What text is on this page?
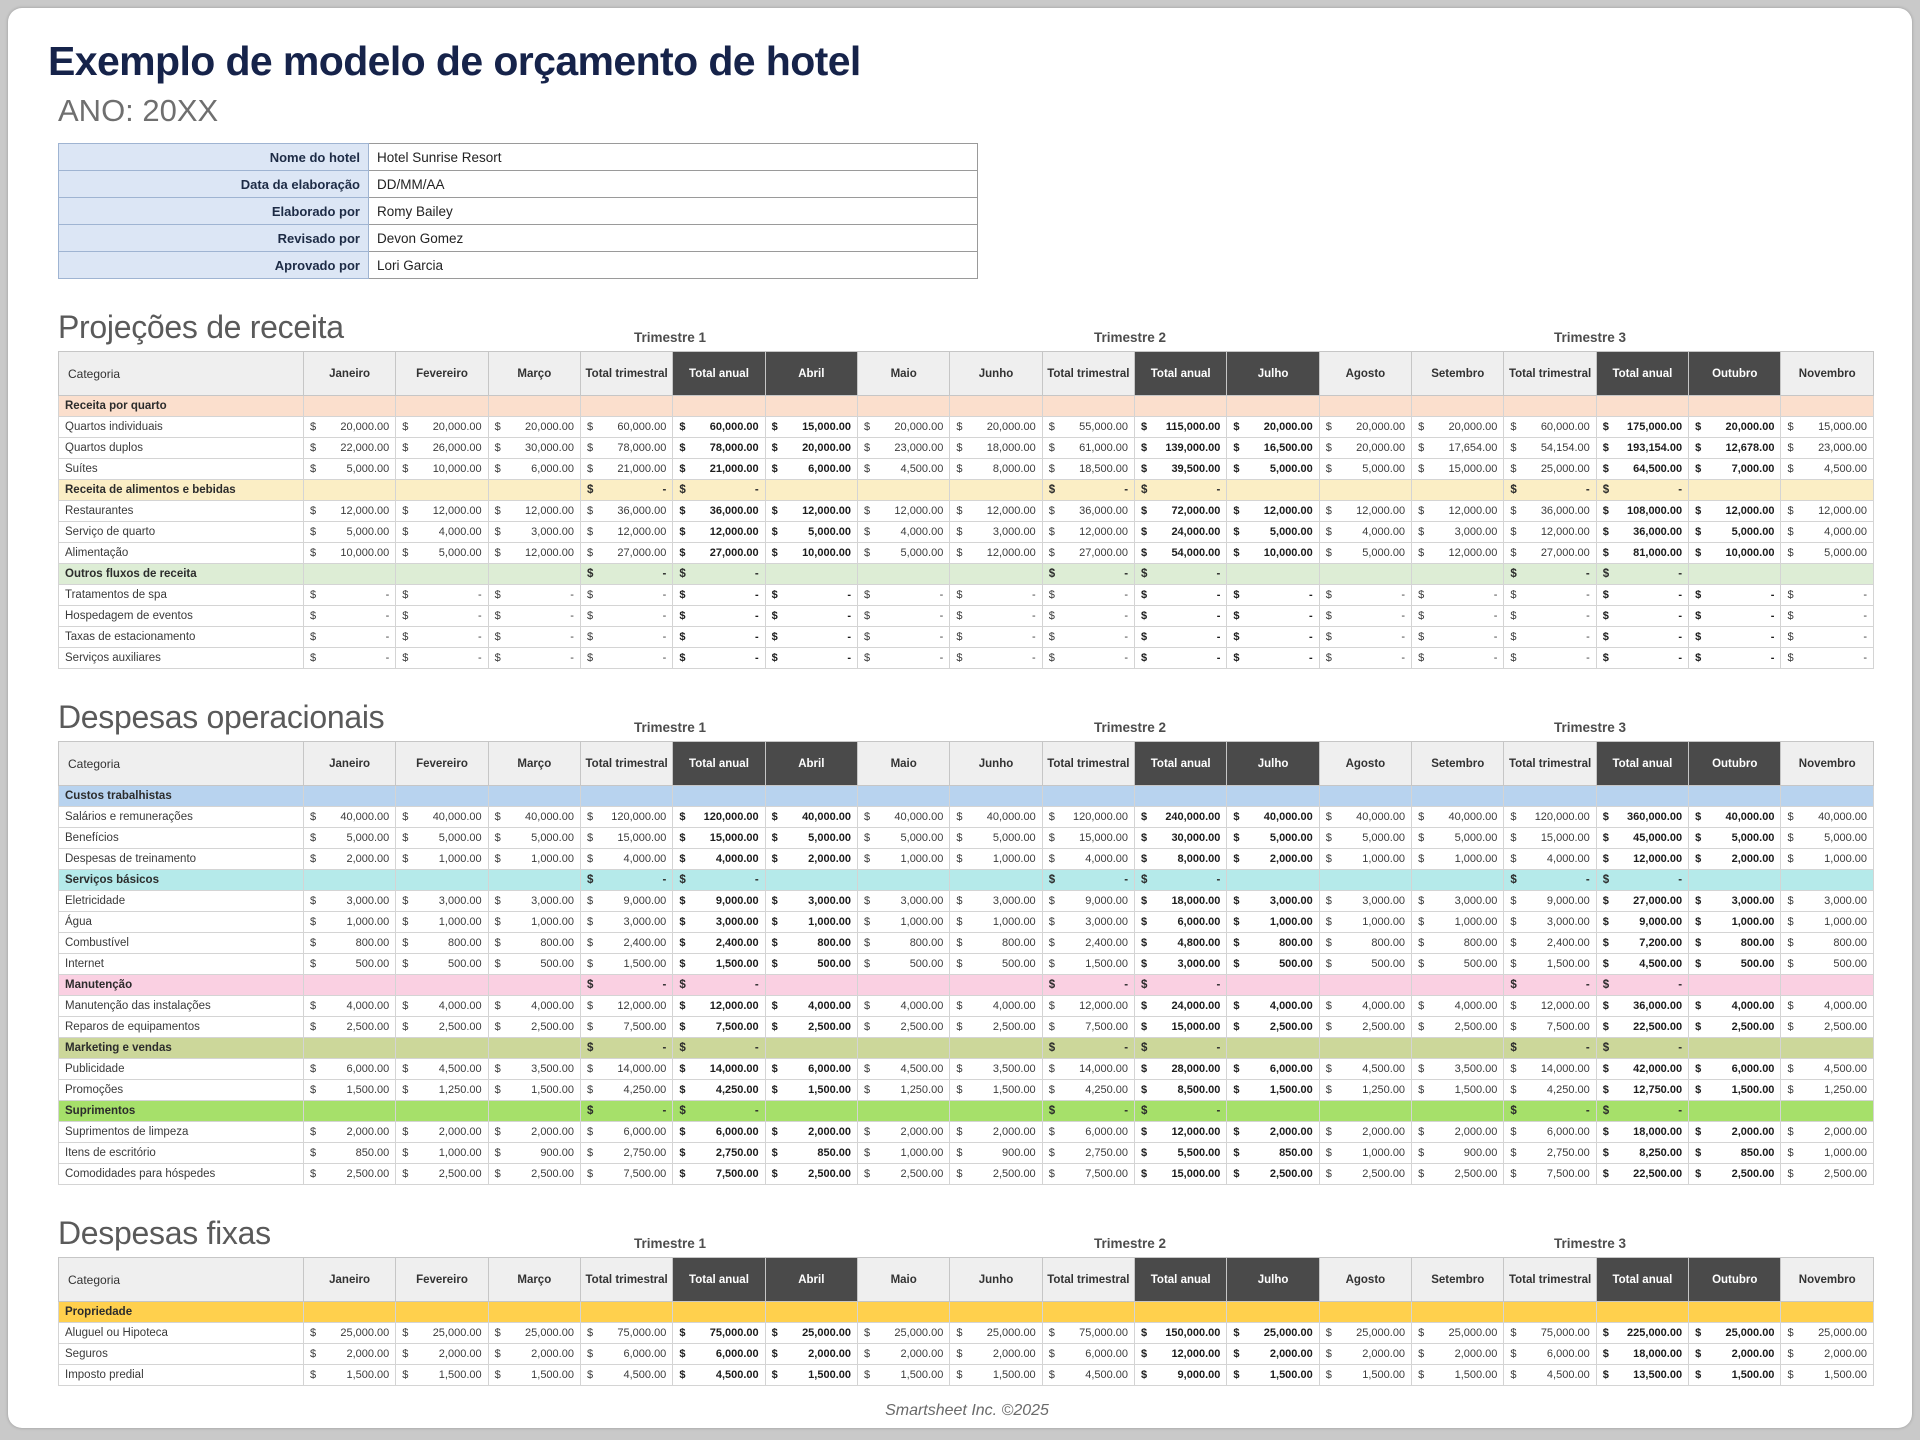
Exemplo de modelo de orçamento de hotel
ANO: 20XX
Nome do hotel	Hotel Sunrise Resort
Data da elaboração	DD/MM/AA
Elaborado por	Romy Bailey
Revisado por	Devon Gomez
Aprovado por	Lori Garcia
Projeções de receita	Trimestre 1	Trimestre 2	Trimestre 3
Categoria	Janeiro	Fevereiro	Março	Total trimestral	Total anual	Abril	Maio	Junho	Total trimestral	Total anual	Julho	Agosto	Setembro	Total trimestral	Total anual	Outubro	Novembro
Receita por quarto																	
Quartos individuais	$ 20,000.00	$ 20,000.00	$ 20,000.00	$ 60,000.00	$ 60,000.00	$ 15,000.00	$ 20,000.00	$ 20,000.00	$ 55,000.00	$ 115,000.00	$ 20,000.00	$ 20,000.00	$ 20,000.00	$ 60,000.00	$ 175,000.00	$ 20,000.00	$ 15,000.00
Quartos duplos	$ 22,000.00	$ 26,000.00	$ 30,000.00	$ 78,000.00	$ 78,000.00	$ 20,000.00	$ 23,000.00	$ 18,000.00	$ 61,000.00	$ 139,000.00	$ 16,500.00	$ 20,000.00	$ 17,654.00	$ 54,154.00	$ 193,154.00	$ 12,678.00	$ 23,000.00
Suítes	$ 5,000.00	$ 10,000.00	$ 6,000.00	$ 21,000.00	$ 21,000.00	$ 6,000.00	$ 4,500.00	$ 8,000.00	$ 18,500.00	$ 39,500.00	$ 5,000.00	$ 5,000.00	$ 15,000.00	$ 25,000.00	$ 64,500.00	$ 7,000.00	$ 4,500.00
Receita de alimentos e bebidas				$ -	$ -				$ -	$ -				$ -	$ -		
Restaurantes	$ 12,000.00	$ 12,000.00	$ 12,000.00	$ 36,000.00	$ 36,000.00	$ 12,000.00	$ 12,000.00	$ 12,000.00	$ 36,000.00	$ 72,000.00	$ 12,000.00	$ 12,000.00	$ 12,000.00	$ 36,000.00	$ 108,000.00	$ 12,000.00	$ 12,000.00
Serviço de quarto	$ 5,000.00	$ 4,000.00	$ 3,000.00	$ 12,000.00	$ 12,000.00	$ 5,000.00	$ 4,000.00	$ 3,000.00	$ 12,000.00	$ 24,000.00	$ 5,000.00	$ 4,000.00	$ 3,000.00	$ 12,000.00	$ 36,000.00	$ 5,000.00	$ 4,000.00
Alimentação	$ 10,000.00	$ 5,000.00	$ 12,000.00	$ 27,000.00	$ 27,000.00	$ 10,000.00	$ 5,000.00	$ 12,000.00	$ 27,000.00	$ 54,000.00	$ 10,000.00	$ 5,000.00	$ 12,000.00	$ 27,000.00	$ 81,000.00	$ 10,000.00	$ 5,000.00
Outros fluxos de receita				$ -	$ -				$ -	$ -				$ -	$ -		
Tratamentos de spa	$ -	$ -	$ -	$ -	$ -	$ -	$ -	$ -	$ -	$ -	$ -	$ -	$ -	$ -	$ -	$ -	$ -
Hospedagem de eventos	$ -	$ -	$ -	$ -	$ -	$ -	$ -	$ -	$ -	$ -	$ -	$ -	$ -	$ -	$ -	$ -	$ -
Taxas de estacionamento	$ -	$ -	$ -	$ -	$ -	$ -	$ -	$ -	$ -	$ -	$ -	$ -	$ -	$ -	$ -	$ -	$ -
Serviços auxiliares	$ -	$ -	$ -	$ -	$ -	$ -	$ -	$ -	$ -	$ -	$ -	$ -	$ -	$ -	$ -	$ -	$ -
Despesas operacionais	Trimestre 1	Trimestre 2	Trimestre 3
Categoria	Janeiro	Fevereiro	Março	Total trimestral	Total anual	Abril	Maio	Junho	Total trimestral	Total anual	Julho	Agosto	Setembro	Total trimestral	Total anual	Outubro	Novembro
Custos trabalhistas																	
Salários e remunerações	$ 40,000.00	$ 40,000.00	$ 40,000.00	$ 120,000.00	$ 120,000.00	$ 40,000.00	$ 40,000.00	$ 40,000.00	$ 120,000.00	$ 240,000.00	$ 40,000.00	$ 40,000.00	$ 40,000.00	$ 120,000.00	$ 360,000.00	$ 40,000.00	$ 40,000.00
Benefícios	$ 5,000.00	$ 5,000.00	$ 5,000.00	$ 15,000.00	$ 15,000.00	$ 5,000.00	$ 5,000.00	$ 5,000.00	$ 15,000.00	$ 30,000.00	$ 5,000.00	$ 5,000.00	$ 5,000.00	$ 15,000.00	$ 45,000.00	$ 5,000.00	$ 5,000.00
Despesas de treinamento	$ 2,000.00	$ 1,000.00	$ 1,000.00	$ 4,000.00	$ 4,000.00	$ 2,000.00	$ 1,000.00	$ 1,000.00	$ 4,000.00	$ 8,000.00	$ 2,000.00	$ 1,000.00	$ 1,000.00	$ 4,000.00	$ 12,000.00	$ 2,000.00	$ 1,000.00
Serviços básicos				$ -	$ -				$ -	$ -				$ -	$ -		
Eletricidade	$ 3,000.00	$ 3,000.00	$ 3,000.00	$ 9,000.00	$ 9,000.00	$ 3,000.00	$ 3,000.00	$ 3,000.00	$ 9,000.00	$ 18,000.00	$ 3,000.00	$ 3,000.00	$ 3,000.00	$ 9,000.00	$ 27,000.00	$ 3,000.00	$ 3,000.00
Água	$ 1,000.00	$ 1,000.00	$ 1,000.00	$ 3,000.00	$ 3,000.00	$ 1,000.00	$ 1,000.00	$ 1,000.00	$ 3,000.00	$ 6,000.00	$ 1,000.00	$ 1,000.00	$ 1,000.00	$ 3,000.00	$ 9,000.00	$ 1,000.00	$ 1,000.00
Combustível	$ 800.00	$ 800.00	$ 800.00	$ 2,400.00	$ 2,400.00	$ 800.00	$ 800.00	$ 800.00	$ 2,400.00	$ 4,800.00	$ 800.00	$ 800.00	$ 800.00	$ 2,400.00	$ 7,200.00	$ 800.00	$ 800.00
Internet	$ 500.00	$ 500.00	$ 500.00	$ 1,500.00	$ 1,500.00	$ 500.00	$ 500.00	$ 500.00	$ 1,500.00	$ 3,000.00	$ 500.00	$ 500.00	$ 500.00	$ 1,500.00	$ 4,500.00	$ 500.00	$ 500.00
Manutenção				$ -	$ -				$ -	$ -				$ -	$ -		
Manutenção das instalações	$ 4,000.00	$ 4,000.00	$ 4,000.00	$ 12,000.00	$ 12,000.00	$ 4,000.00	$ 4,000.00	$ 4,000.00	$ 12,000.00	$ 24,000.00	$ 4,000.00	$ 4,000.00	$ 4,000.00	$ 12,000.00	$ 36,000.00	$ 4,000.00	$ 4,000.00
Reparos de equipamentos	$ 2,500.00	$ 2,500.00	$ 2,500.00	$ 7,500.00	$ 7,500.00	$ 2,500.00	$ 2,500.00	$ 2,500.00	$ 7,500.00	$ 15,000.00	$ 2,500.00	$ 2,500.00	$ 2,500.00	$ 7,500.00	$ 22,500.00	$ 2,500.00	$ 2,500.00
Marketing e vendas				$ -	$ -				$ -	$ -				$ -	$ -		
Publicidade	$ 6,000.00	$ 4,500.00	$ 3,500.00	$ 14,000.00	$ 14,000.00	$ 6,000.00	$ 4,500.00	$ 3,500.00	$ 14,000.00	$ 28,000.00	$ 6,000.00	$ 4,500.00	$ 3,500.00	$ 14,000.00	$ 42,000.00	$ 6,000.00	$ 4,500.00
Promoções	$ 1,500.00	$ 1,250.00	$ 1,500.00	$ 4,250.00	$ 4,250.00	$ 1,500.00	$ 1,250.00	$ 1,500.00	$ 4,250.00	$ 8,500.00	$ 1,500.00	$ 1,250.00	$ 1,500.00	$ 4,250.00	$ 12,750.00	$ 1,500.00	$ 1,250.00
Suprimentos				$ -	$ -				$ -	$ -				$ -	$ -		
Suprimentos de limpeza	$ 2,000.00	$ 2,000.00	$ 2,000.00	$ 6,000.00	$ 6,000.00	$ 2,000.00	$ 2,000.00	$ 2,000.00	$ 6,000.00	$ 12,000.00	$ 2,000.00	$ 2,000.00	$ 2,000.00	$ 6,000.00	$ 18,000.00	$ 2,000.00	$ 2,000.00
Itens de escritório	$ 850.00	$ 1,000.00	$ 900.00	$ 2,750.00	$ 2,750.00	$ 850.00	$ 1,000.00	$ 900.00	$ 2,750.00	$ 5,500.00	$ 850.00	$ 1,000.00	$ 900.00	$ 2,750.00	$ 8,250.00	$ 850.00	$ 1,000.00
Comodidades para hóspedes	$ 2,500.00	$ 2,500.00	$ 2,500.00	$ 7,500.00	$ 7,500.00	$ 2,500.00	$ 2,500.00	$ 2,500.00	$ 7,500.00	$ 15,000.00	$ 2,500.00	$ 2,500.00	$ 2,500.00	$ 7,500.00	$ 22,500.00	$ 2,500.00	$ 2,500.00
Despesas fixas	Trimestre 1	Trimestre 2	Trimestre 3
Categoria	Janeiro	Fevereiro	Março	Total trimestral	Total anual	Abril	Maio	Junho	Total trimestral	Total anual	Julho	Agosto	Setembro	Total trimestral	Total anual	Outubro	Novembro
Propriedade																	
Aluguel ou Hipoteca	$ 25,000.00	$ 25,000.00	$ 25,000.00	$ 75,000.00	$ 75,000.00	$ 25,000.00	$ 25,000.00	$ 25,000.00	$ 75,000.00	$ 150,000.00	$ 25,000.00	$ 25,000.00	$ 25,000.00	$ 75,000.00	$ 225,000.00	$ 25,000.00	$ 25,000.00
Seguros	$ 2,000.00	$ 2,000.00	$ 2,000.00	$ 6,000.00	$ 6,000.00	$ 2,000.00	$ 2,000.00	$ 2,000.00	$ 6,000.00	$ 12,000.00	$ 2,000.00	$ 2,000.00	$ 2,000.00	$ 6,000.00	$ 18,000.00	$ 2,000.00	$ 2,000.00
Imposto predial	$ 1,500.00	$ 1,500.00	$ 1,500.00	$ 4,500.00	$ 4,500.00	$ 1,500.00	$ 1,500.00	$ 1,500.00	$ 4,500.00	$ 9,000.00	$ 1,500.00	$ 1,500.00	$ 1,500.00	$ 4,500.00	$ 13,500.00	$ 1,500.00	$ 1,500.00
Smartsheet Inc. ©2025
